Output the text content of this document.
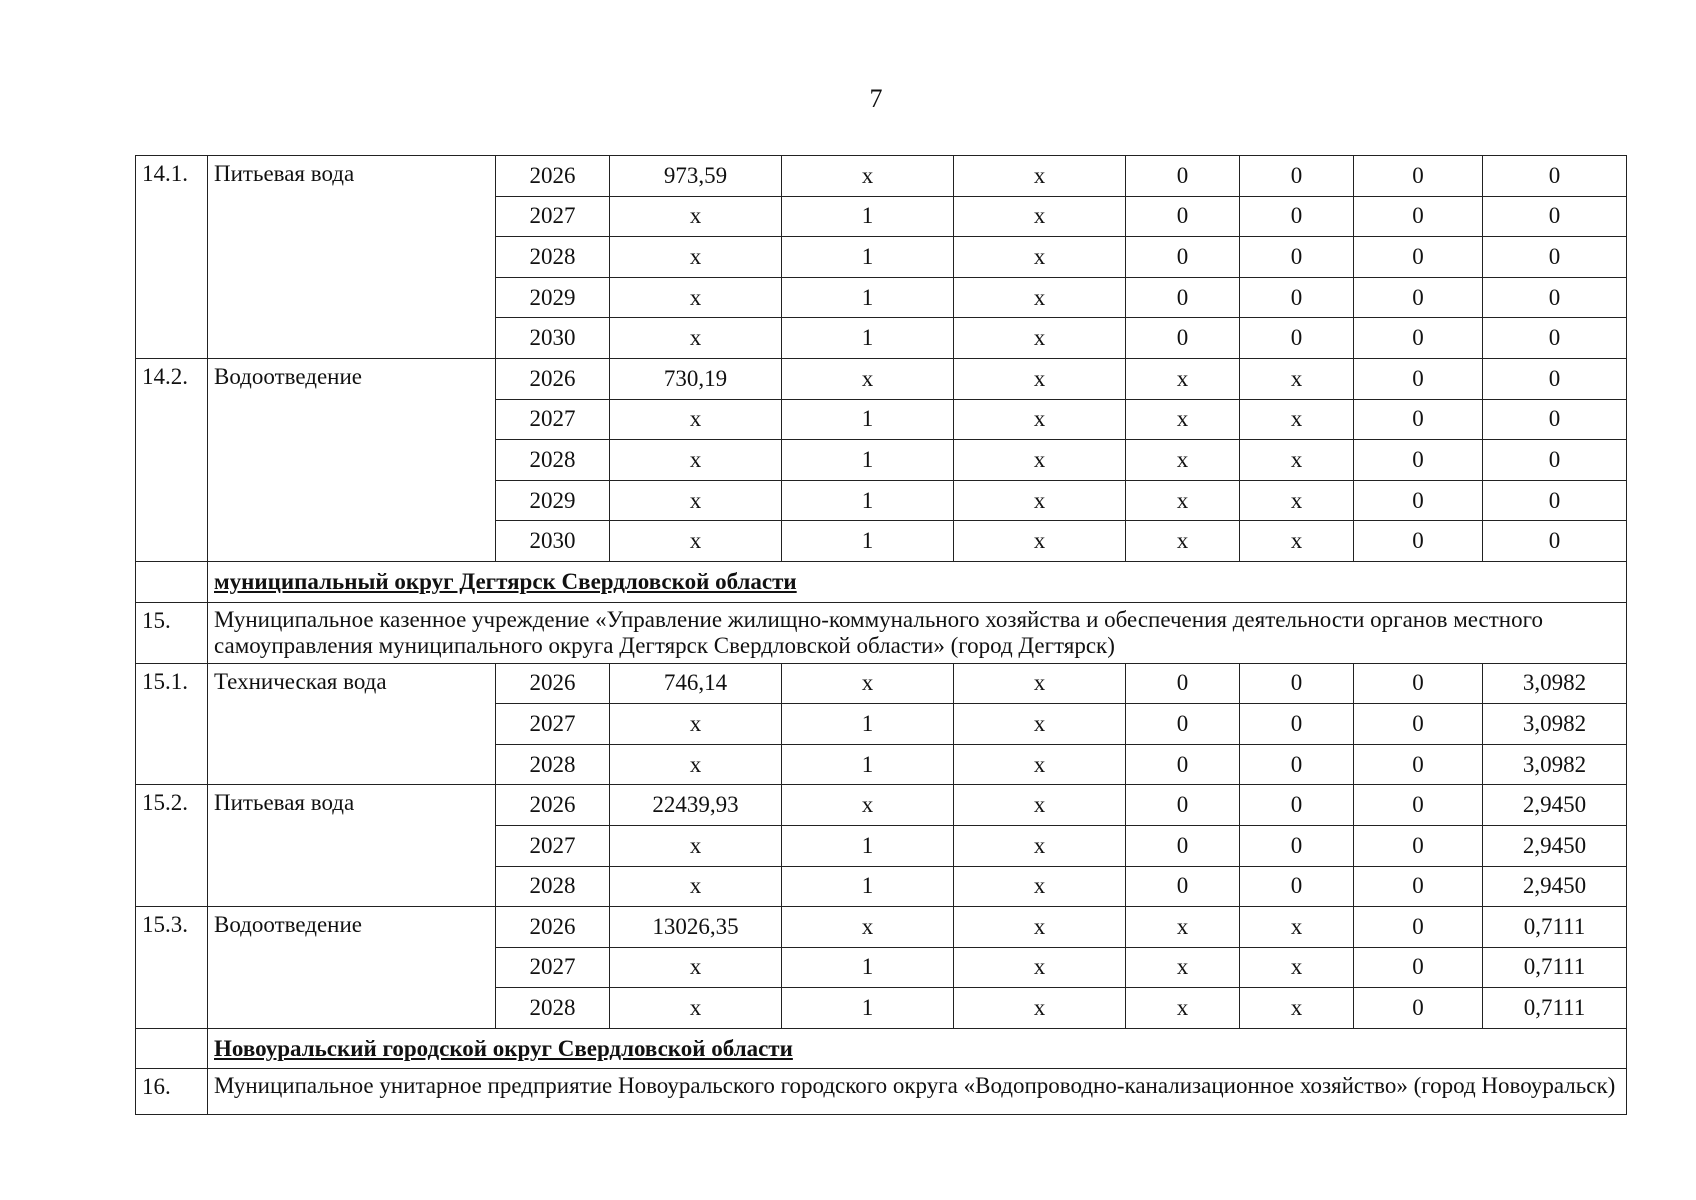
7
14.1.	Питьевая вода	2026	973,59	x	x	0	0	0	0
		2027	x	1	x	0	0	0	0
		2028	x	1	x	0	0	0	0
		2029	x	1	x	0	0	0	0
		2030	x	1	x	0	0	0	0
14.2.	Водоотведение	2026	730,19	x	x	x	x	0	0
		2027	x	1	x	x	x	0	0
		2028	x	1	x	x	x	0	0
		2029	x	1	x	x	x	0	0
		2030	x	1	x	x	x	0	0
	муниципальный округ Дегтярск Свердловской области								
15.	Муниципальное казенное учреждение «Управление жилищно-коммунального хозяйства и обеспечения деятельности органов местного самоуправления муниципального округа Дегтярск Свердловской области» (город Дегтярск)								
15.1.	Техническая вода	2026	746,14	x	x	0	0	0	3,0982
		2027	x	1	x	0	0	0	3,0982
		2028	x	1	x	0	0	0	3,0982
15.2.	Питьевая вода	2026	22439,93	x	x	0	0	0	2,9450
		2027	x	1	x	0	0	0	2,9450
		2028	x	1	x	0	0	0	2,9450
15.3.	Водоотведение	2026	13026,35	x	x	x	x	0	0,7111
		2027	x	1	x	x	x	0	0,7111
		2028	x	1	x	x	x	0	0,7111
	Новоуральский городской округ Свердловской области								
16.	Муниципальное унитарное предприятие Новоуральского городского округа «Водопроводно-канализационное хозяйство» (город Новоуральск)								
